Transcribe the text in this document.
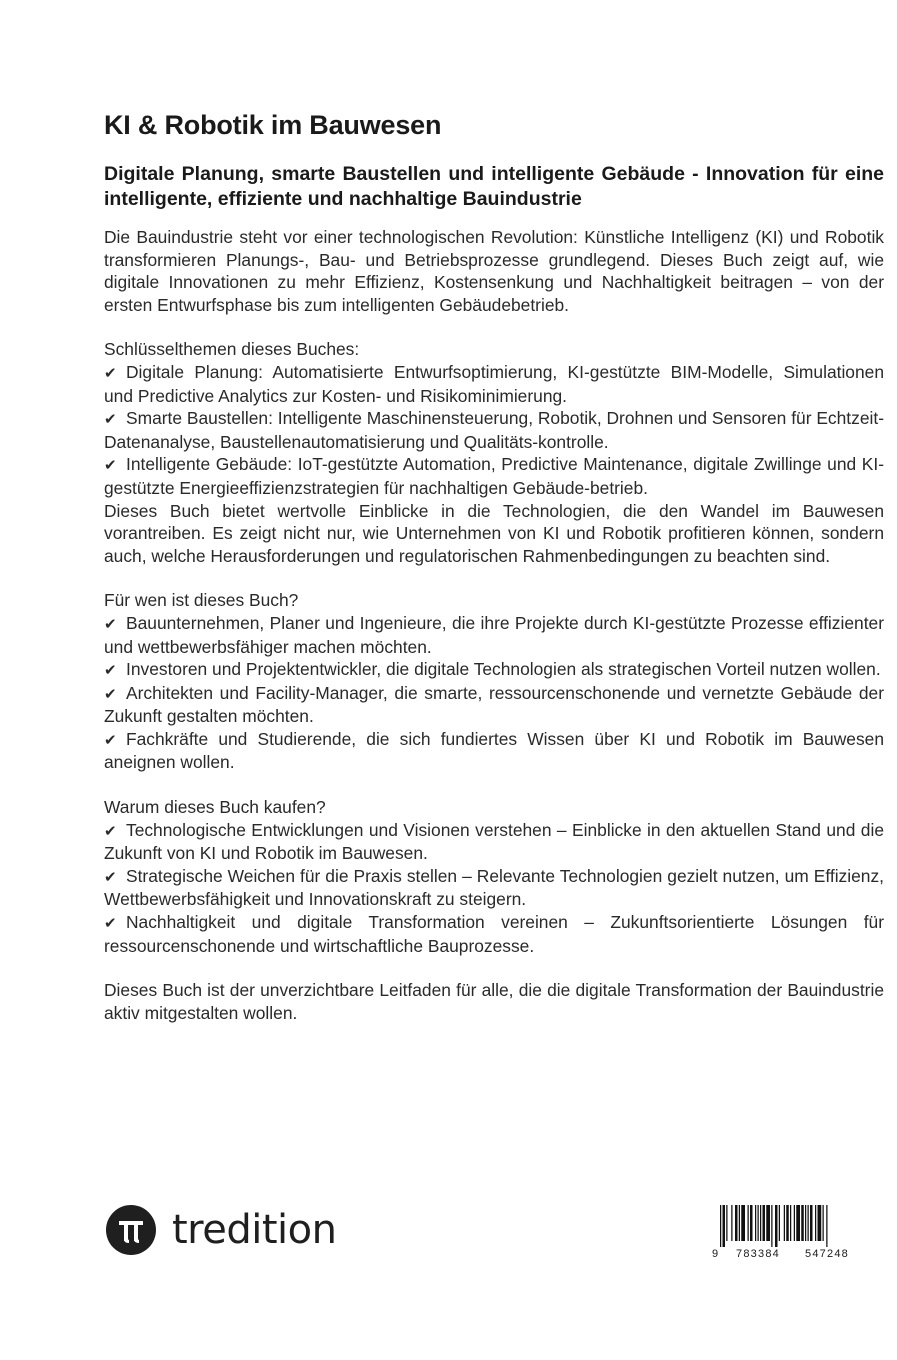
KI & Robotik im Bauwesen
Digitale Planung, smarte Baustellen und intelligente Gebäude - Innovation für eine intelligente, effiziente und nachhaltige Bauindustrie

Die Bauindustrie steht vor einer technologischen Revolution: Künstliche Intelligenz (KI) und Robotik transformieren Planungs-, Bau- und Betriebsprozesse grundlegend. Dieses Buch zeigt auf, wie digitale Innovationen zu mehr Effizienz, Kostensenkung und Nachhaltigkeit beitragen – von der ersten Entwurfsphase bis zum intelligenten Gebäudebetrieb.

Schlüsselthemen dieses Buches:

✔ Digitale Planung: Automatisierte Entwurfsoptimierung, KI-gestützte BIM-Modelle, Simulationen und Predictive Analytics zur Kosten- und Risikominimierung.

✔ Smarte Baustellen: Intelligente Maschinensteuerung, Robotik, Drohnen und Sensoren für Echtzeit-Datenanalyse, Baustellenautomatisierung und Qualitäts-kontrolle.

✔ Intelligente Gebäude: IoT-gestützte Automation, Predictive Maintenance, digitale Zwillinge und KI-gestützte Energieeffizienzstrategien für nachhaltigen Gebäude-betrieb.

Dieses Buch bietet wertvolle Einblicke in die Technologien, die den Wandel im Bauwesen vorantreiben. Es zeigt nicht nur, wie Unternehmen von KI und Robotik profitieren können, sondern auch, welche Herausforderungen und regulatorischen Rahmenbedingungen zu beachten sind.

Für wen ist dieses Buch?

✔ Bauunternehmen, Planer und Ingenieure, die ihre Projekte durch KI-gestützte Prozesse effizienter und wettbewerbsfähiger machen möchten.

✔ Investoren und Projektentwickler, die digitale Technologien als strategischen Vorteil nutzen wollen.

✔ Architekten und Facility-Manager, die smarte, ressourcenschonende und vernetzte Gebäude der Zukunft gestalten möchten.

✔ Fachkräfte und Studierende, die sich fundiertes Wissen über KI und Robotik im Bauwesen aneignen wollen.

Warum dieses Buch kaufen?

✔ Technologische Entwicklungen und Visionen verstehen – Einblicke in den aktuellen Stand und die Zukunft von KI und Robotik im Bauwesen.

✔ Strategische Weichen für die Praxis stellen – Relevante Technologien gezielt nutzen, um Effizienz, Wettbewerbsfähigkeit und Innovationskraft zu steigern.

✔ Nachhaltigkeit und digitale Transformation vereinen – Zukunftsorientierte Lösungen für ressourcenschonende und wirtschaftliche Bauprozesse.

Dieses Buch ist der unverzichtbare Leitfaden für alle, die die digitale Transformation der Bauindustrie aktiv mitgestalten wollen.

tredition
9	783384	547248
